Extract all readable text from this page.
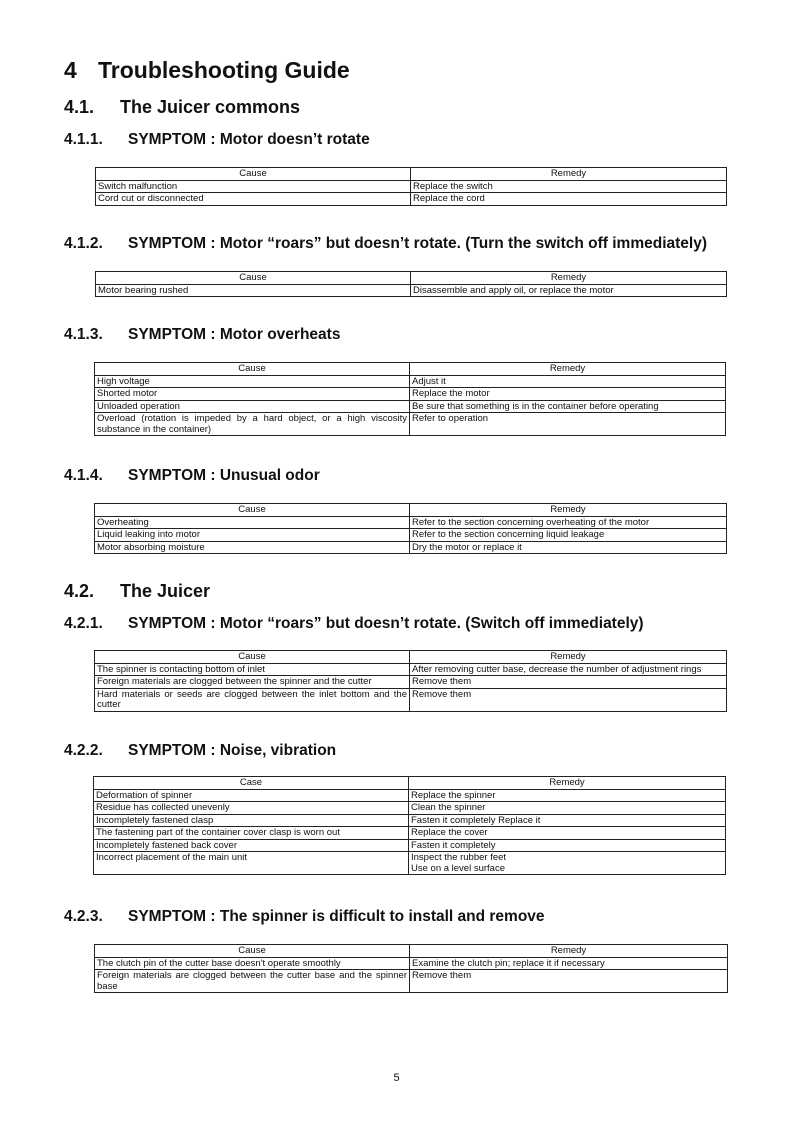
4 Troubleshooting Guide
4.1. The Juicer commons
4.1.1. SYMPTOM : Motor doesn’t rotate
Cause	Remedy
Switch malfunction	Replace the switch
Cord cut or disconnected	Replace the cord
4.1.2. SYMPTOM : Motor “roars” but doesn’t rotate. (Turn the switch off immediately)
Cause	Remedy
Motor bearing rushed	Disassemble and apply oil, or replace the motor
4.1.3. SYMPTOM : Motor overheats
Cause	Remedy
High voltage	Adjust it
Shorted motor	Replace the motor
Unloaded operation	Be sure that something is in the container before operating
Overload (rotation is impeded by a hard object, or a high viscosity substance in the container)	Refer to operation
4.1.4. SYMPTOM : Unusual odor
Cause	Remedy
Overheating	Refer to the section concerning overheating of the motor
Liquid leaking into motor	Refer to the section concerning liquid leakage
Motor absorbing moisture	Dry the motor or replace it
4.2. The Juicer
4.2.1. SYMPTOM : Motor “roars” but doesn’t rotate. (Switch off immediately)
Cause	Remedy
The spinner is contacting bottom of inlet	After removing cutter base, decrease the number of adjustment rings
Foreign materials are clogged between the spinner and the cutter	Remove them
Hard materials or seeds are clogged between the inlet bottom and the cutter	Remove them
4.2.2. SYMPTOM : Noise, vibration
Case	Remedy
Deformation of spinner	Replace the spinner
Residue has collected unevenly	Clean the spinner
Incompletely fastened clasp	Fasten it completely Replace it
The fastening part of the container cover clasp is worn out	Replace the cover
Incompletely fastened back cover	Fasten it completely
Incorrect placement of the main unit	Inspect the rubber feet
Use on a level surface
4.2.3. SYMPTOM : The spinner is difficult to install and remove
Cause	Remedy
The clutch pin of the cutter base doesn't operate smoothly	Examine the clutch pin; replace it if necessary
Foreign materials are clogged between the cutter base and the spinner base	Remove them
5
